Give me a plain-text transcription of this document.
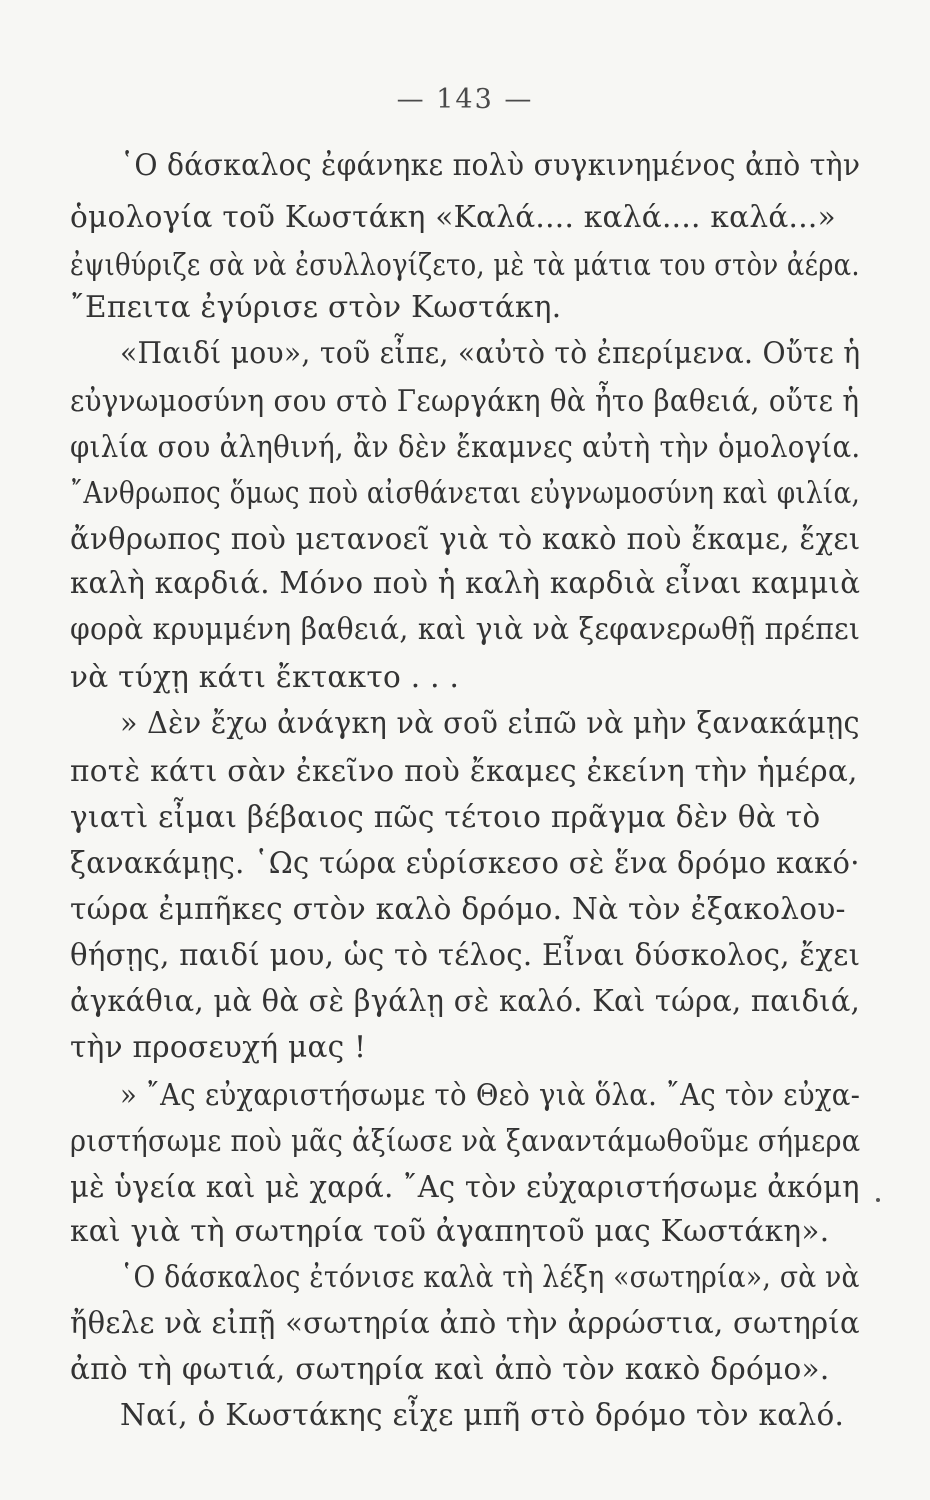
— 143 —
῾Ο δάσκαλος ἐφάνηκε πολὺ συγκινημένος ἀπὸ τὴν
ὁμολογία τοῦ Κωστάκη «Καλά.... καλά.... καλά...»
ἐψιθύριζε σὰ νὰ ἐσυλλογίζετο, μὲ τὰ μάτια του στὸν ἀέρα.
῎Επειτα ἐγύρισε στὸν Κωστάκη.
«Παιδί μου», τοῦ εἶπε, «αὐτὸ τὸ ἐπερίμενα. Οὔτε ἡ
εὐγνωμοσύνη σου στὸ Γεωργάκη θὰ ἦτο βαθειά, οὔτε ἡ
φιλία σου ἀληθινή, ἂν δὲν ἔκαμνες αὐτὴ τὴν ὁμολογία.
῎Ανθρωπος ὅμως ποὺ αἰσθάνεται εὐγνωμοσύνη καὶ φιλία,
ἄνθρωπος ποὺ μετανοεῖ γιὰ τὸ κακὸ ποὺ ἔκαμε, ἔχει
καλὴ καρδιά. Μόνο ποὺ ἡ καλὴ καρδιὰ εἶναι καμμιὰ
φορὰ κρυμμένη βαθειά, καὶ γιὰ νὰ ξεφανερωθῇ πρέπει
νὰ τύχῃ κάτι ἔκτακτο . . .
» Δὲν ἔχω ἀνάγκη νὰ σοῦ εἰπῶ νὰ μὴν ξανακάμῃς
ποτὲ κάτι σὰν ἐκεῖνο ποὺ ἔκαμες ἐκείνη τὴν ἡμέρα,
γιατὶ εἶμαι βέβαιος πῶς τέτοιο πρᾶγμα δὲν θὰ τὸ
ξανακάμῃς. ῾Ως τώρα εὑρίσκεσο σὲ ἕνα δρόμο κακό·
τώρα ἐμπῆκες στὸν καλὸ δρόμο. Νὰ τὸν ἐξακολου-
θήσῃς, παιδί μου, ὡς τὸ τέλος. Εἶναι δύσκολος, ἔχει
ἀγκάθια, μὰ θὰ σὲ βγάλῃ σὲ καλό. Καὶ τώρα, παιδιά,
τὴν προσευχή μας !
» ῎Ας εὐχαριστήσωμε τὸ Θεὸ γιὰ ὅλα. ῎Ας τὸν εὐχα-
ριστήσωμε ποὺ μᾶς ἀξίωσε νὰ ξαναντάμωθοῦμε σήμερα
μὲ ὑγεία καὶ μὲ χαρά. ῎Ας τὸν εὐχαριστήσωμε ἀκόμη
καὶ γιὰ τὴ σωτηρία τοῦ ἀγαπητοῦ μας Κωστάκη».
῾Ο δάσκαλος ἐτόνισε καλὰ τὴ λέξη «σωτηρία», σὰ νὰ
ἤθελε νὰ εἰπῇ «σωτηρία ἀπὸ τὴν ἀρρώστια, σωτηρία
ἀπὸ τὴ φωτιά, σωτηρία καὶ ἀπὸ τὸν κακὸ δρόμο».
Ναί, ὁ Κωστάκης εἶχε μπῆ στὸ δρόμο τὸν καλό.
